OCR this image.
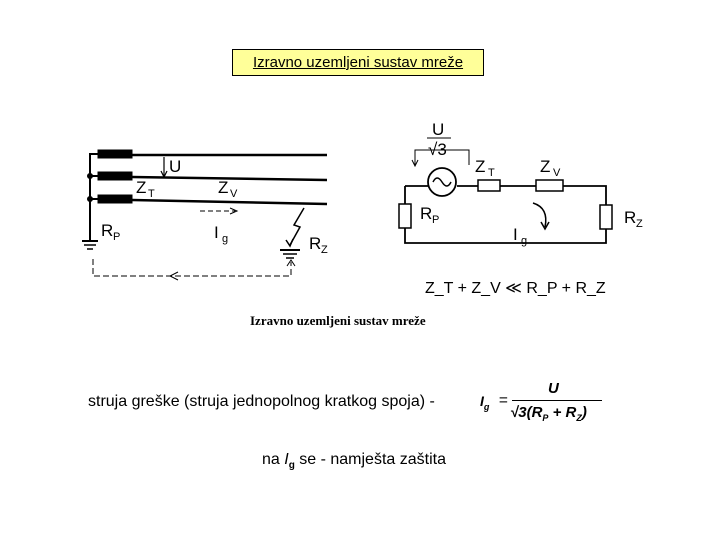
Izravno uzemljeni sustav mreže
U
Z T	Z V
R P	I g	R Z
U
√3
Z T	Z V
R P
I g
R Z
Z_T + Z_V ≪ R_P + R_Z
Izravno uzemljeni sustav mreže
struja greške (struja jednopolnog kratkog spoja) -	$I_g$ =
U
$√3(R_P + R_Z)$
na $I_g$ se - namješta zaštita
